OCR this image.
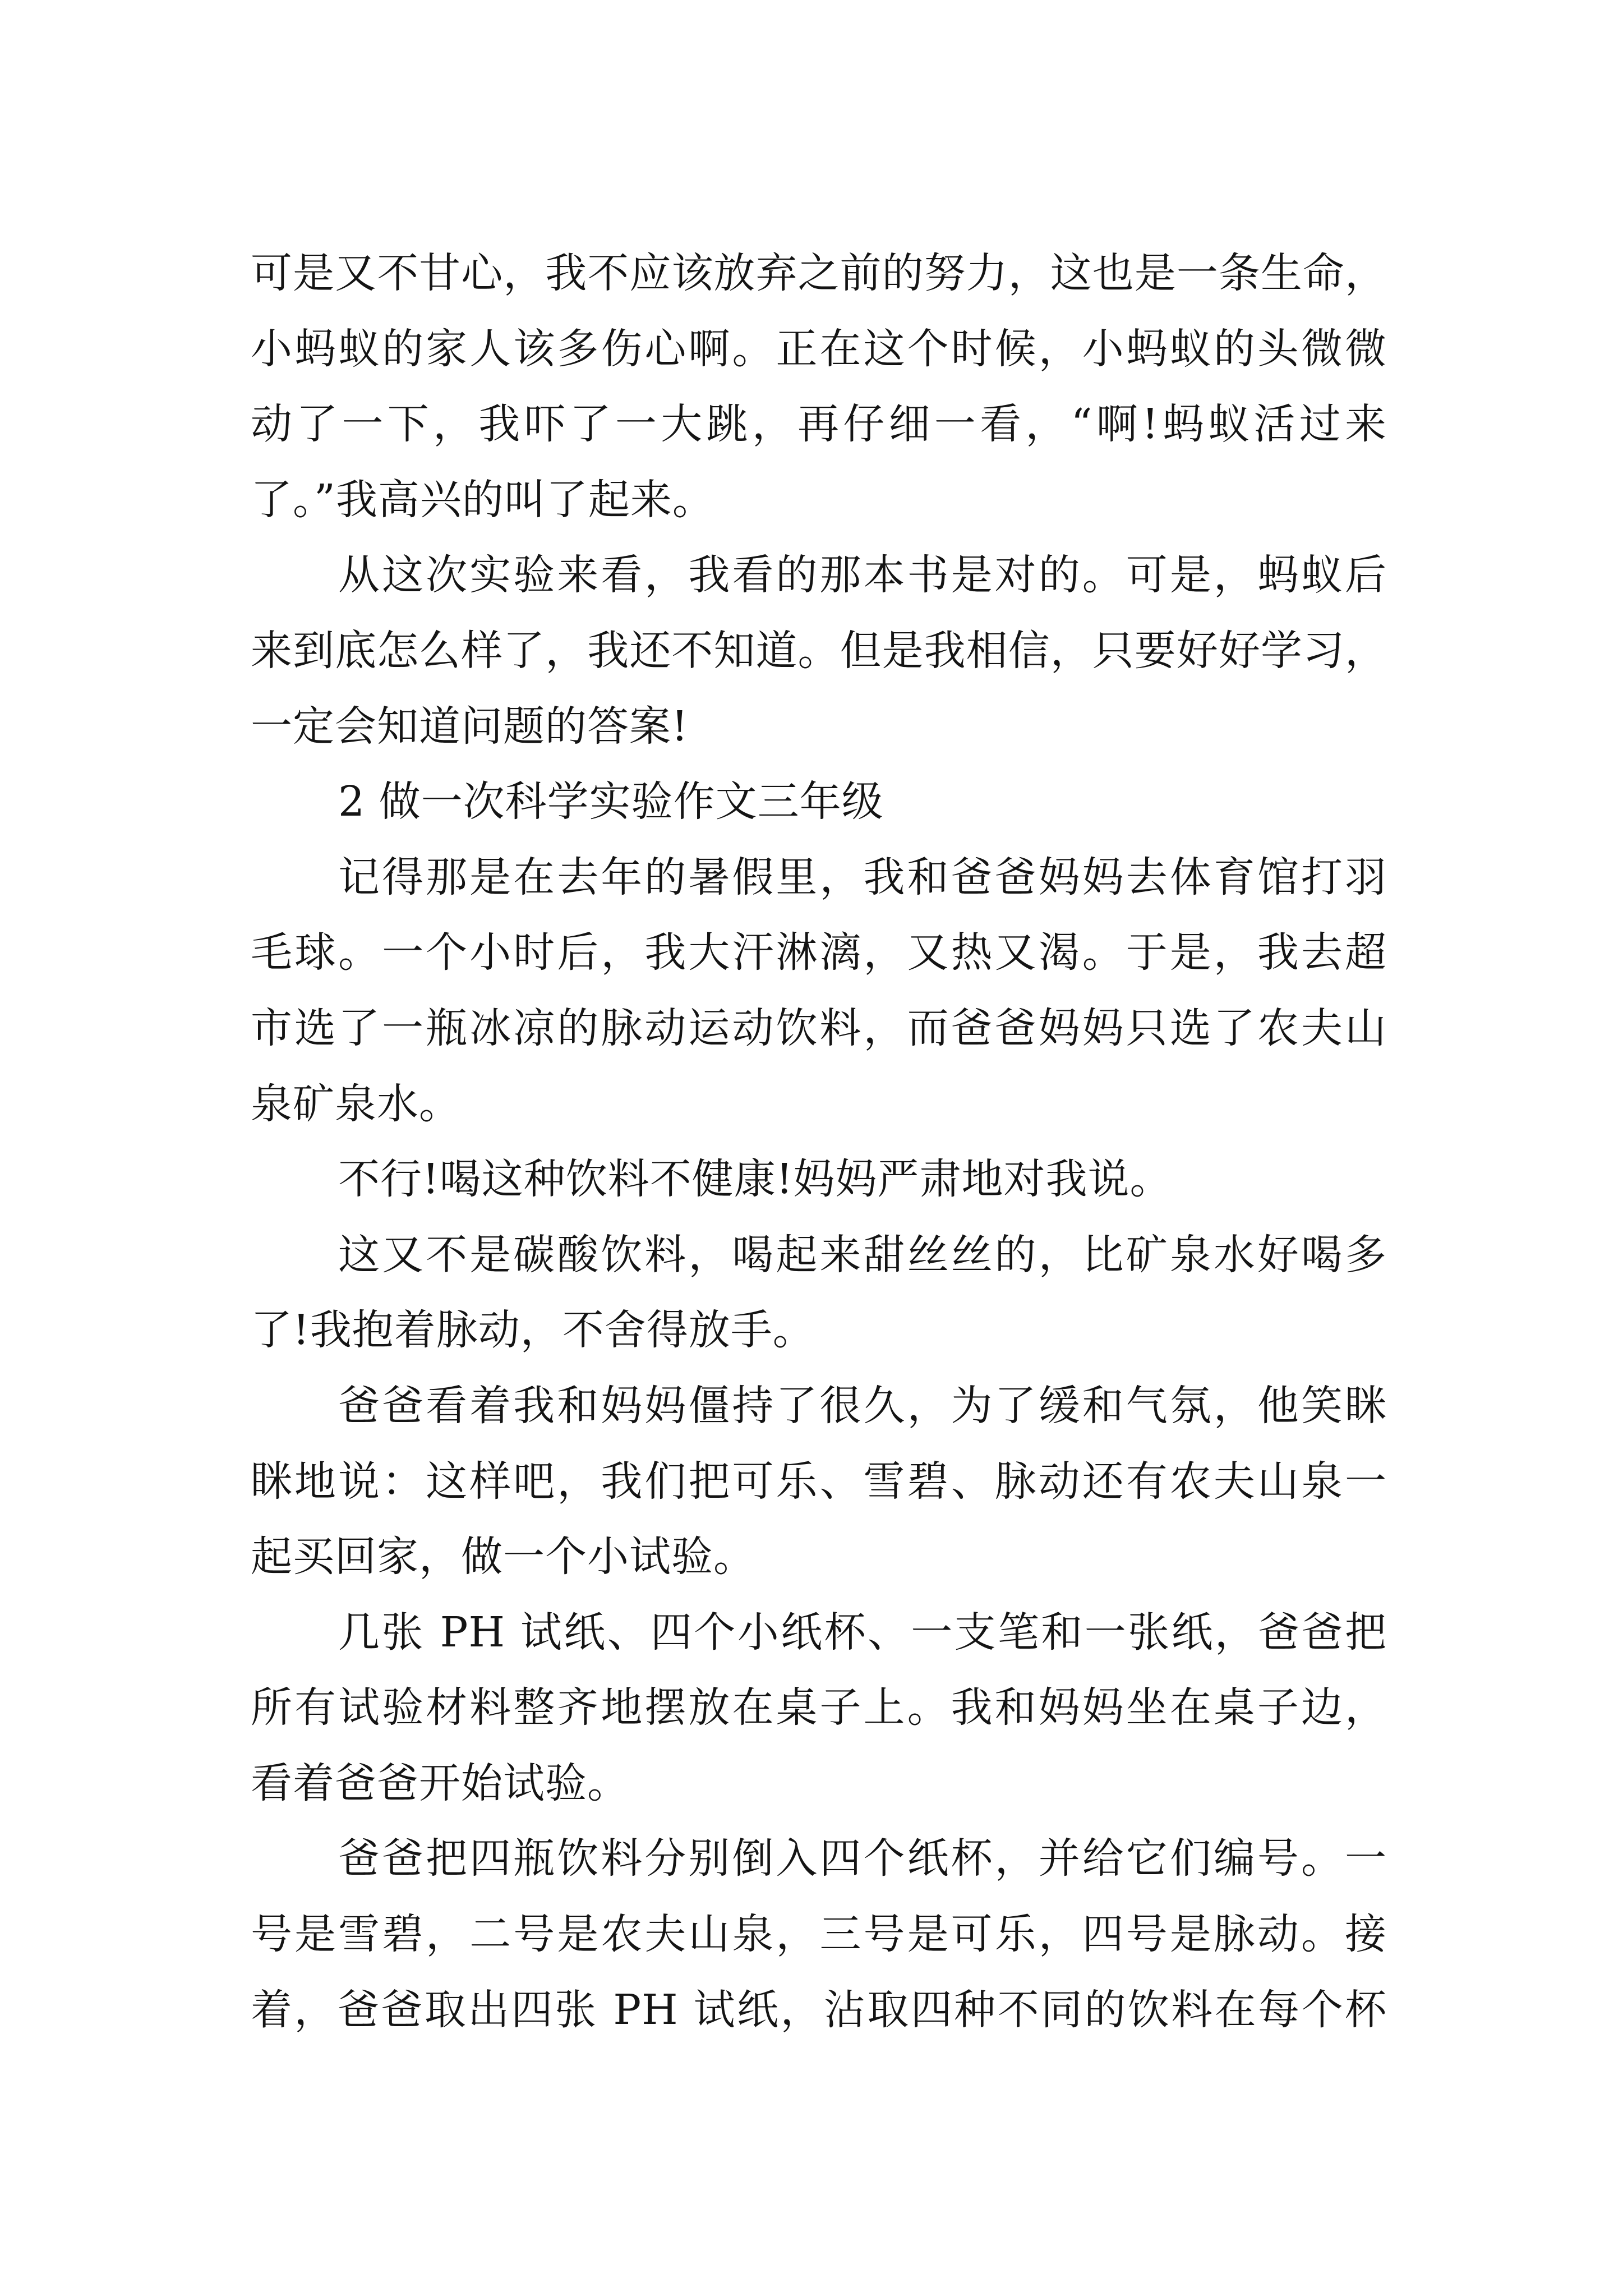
可是又不甘心，我不应该放弃之前的努力，这也是一条生命，
小蚂蚁的家人该多伤心啊。正在这个时候，小蚂蚁的头微微
动了一下，我吓了一大跳，再仔细一看，“啊!蚂蚁活过来
了。”我高兴的叫了起来。
从这次实验来看，我看的那本书是对的。可是，蚂蚁后
来到底怎么样了，我还不知道。但是我相信，只要好好学习，
一定会知道问题的答案!
2 做一次科学实验作文三年级
记得那是在去年的暑假里，我和爸爸妈妈去体育馆打羽
毛球。一个小时后，我大汗淋漓，又热又渴。于是，我去超
市选了一瓶冰凉的脉动运动饮料，而爸爸妈妈只选了农夫山
泉矿泉水。
不行!喝这种饮料不健康!妈妈严肃地对我说。
这又不是碳酸饮料，喝起来甜丝丝的，比矿泉水好喝多
了!我抱着脉动，不舍得放手。
爸爸看着我和妈妈僵持了很久，为了缓和气氛，他笑眯
眯地说：这样吧，我们把可乐、雪碧、脉动还有农夫山泉一
起买回家，做一个小试验。
几张 PH 试纸、四个小纸杯、一支笔和一张纸，爸爸把
所有试验材料整齐地摆放在桌子上。我和妈妈坐在桌子边，
看着爸爸开始试验。
爸爸把四瓶饮料分别倒入四个纸杯，并给它们编号。一
号是雪碧，二号是农夫山泉，三号是可乐，四号是脉动。接
着，爸爸取出四张 PH 试纸，沾取四种不同的饮料在每个杯
